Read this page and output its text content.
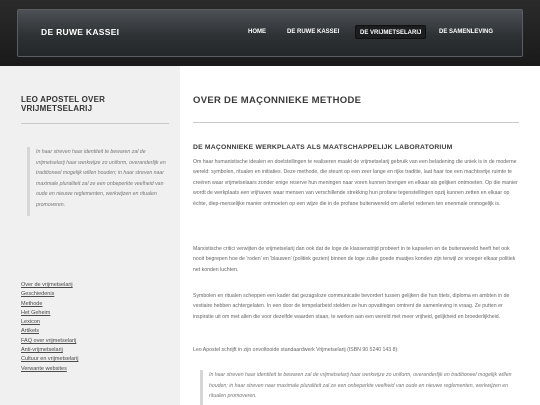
DE RUWE KASSEI	HOME	DE RUWE KASSEI	DE VRIJMETSELARIJ	DE SAMENLEVING
LEO APOSTEL OVER VRIJMETSELARIJ
In haar streven haar identiteit te bewaren zal de vrijmetselarij haar werkwijze zo uniform, overanderlijk en traditioneel mogelijk willen houden; in haar streven naar maximale pluraliteit zal ze een onbeperkte veelheid van oude en nieuwe reglementen, werkwijzen en ritualen promoveren.
Over de vrijmetselarij
Geschiedenis
Methode
Het Geheim
Lexicon
Artikels
FAQ over vrijmetselarij
Anti-vrijmetselarij
Cultuur en vrijmetselarij
Verwante websites
OVER DE MAÇONNIEKE METHODE
DE MAÇONNIEKE WERKPLAATS ALS MAATSCHAPPELIJK LABORATORIUM

Om haar humanistische idealen en doelstellingen te realiseren maakt de vrijmetselarij gebruik van een beladening die uniek is in de moderne wereld: symbolen, ritualen en initiaties. Deze methode, die steunt op een zeer lange en rijke traditie, laat haar toe een machtsvrije ruimte te creëren waar vrijmetselaars zonder enige reserve hun meningen naar voren kunnen brengen en elkaar als gelijken ontmoeten. Op die manier wordt de werkplaats een vrijhaven waar mensen van verschillende strekking hun profane tegenstellingen opzij kunnen zetten en elkaar op échte, diep-menselijke manier ontmoeten op een wijze die in de profane buitenwereld om allerlei redenen ten enenmale onmogelijk is.

Marxistische critici verwijten de vrijmetselarij dan ook dat de loge de klassenstrijd probeert in te kapselen en de buitenwereld heeft het ook nooit begrepen hoe de 'roden' en 'blauwen' (politiek gezien) binnen de loge zulke goede maatjes konden zijn terwijl ze vroeger elkaar politiek net konden luchten.

Symbolen en ritualen scheppen een kader dat gezagsloze communicatie bevordert tussen gelijken die hun titels, diploma en ambten in de vestiaire hebben achtergelaten. In een door de tempelarbeid stelden ze hun opvattingen omtrent de samenleving in vraag. Ze putten er inspiratie uit om met allen die voor dezelfde waarden staan, te werken aan een wereld met meer vrijheid, gelijkheid en broederlijkheid.

Leo Apostel schrijft in zijn onvoltooide standaardwerk Vrijmetselarij (ISBN 90 5240 143 8):

In haar streven haar identiteit te bewaren zal de vrijmetselarij haar werkwijze zo uniform, overanderlijk en traditioneel mogelijk willen houden; in haar streven naar maximale pluraliteit zal ze een onbeperkte veelheid van oude en nieuwe reglementen, werkwijzen en ritualen promoveren.
